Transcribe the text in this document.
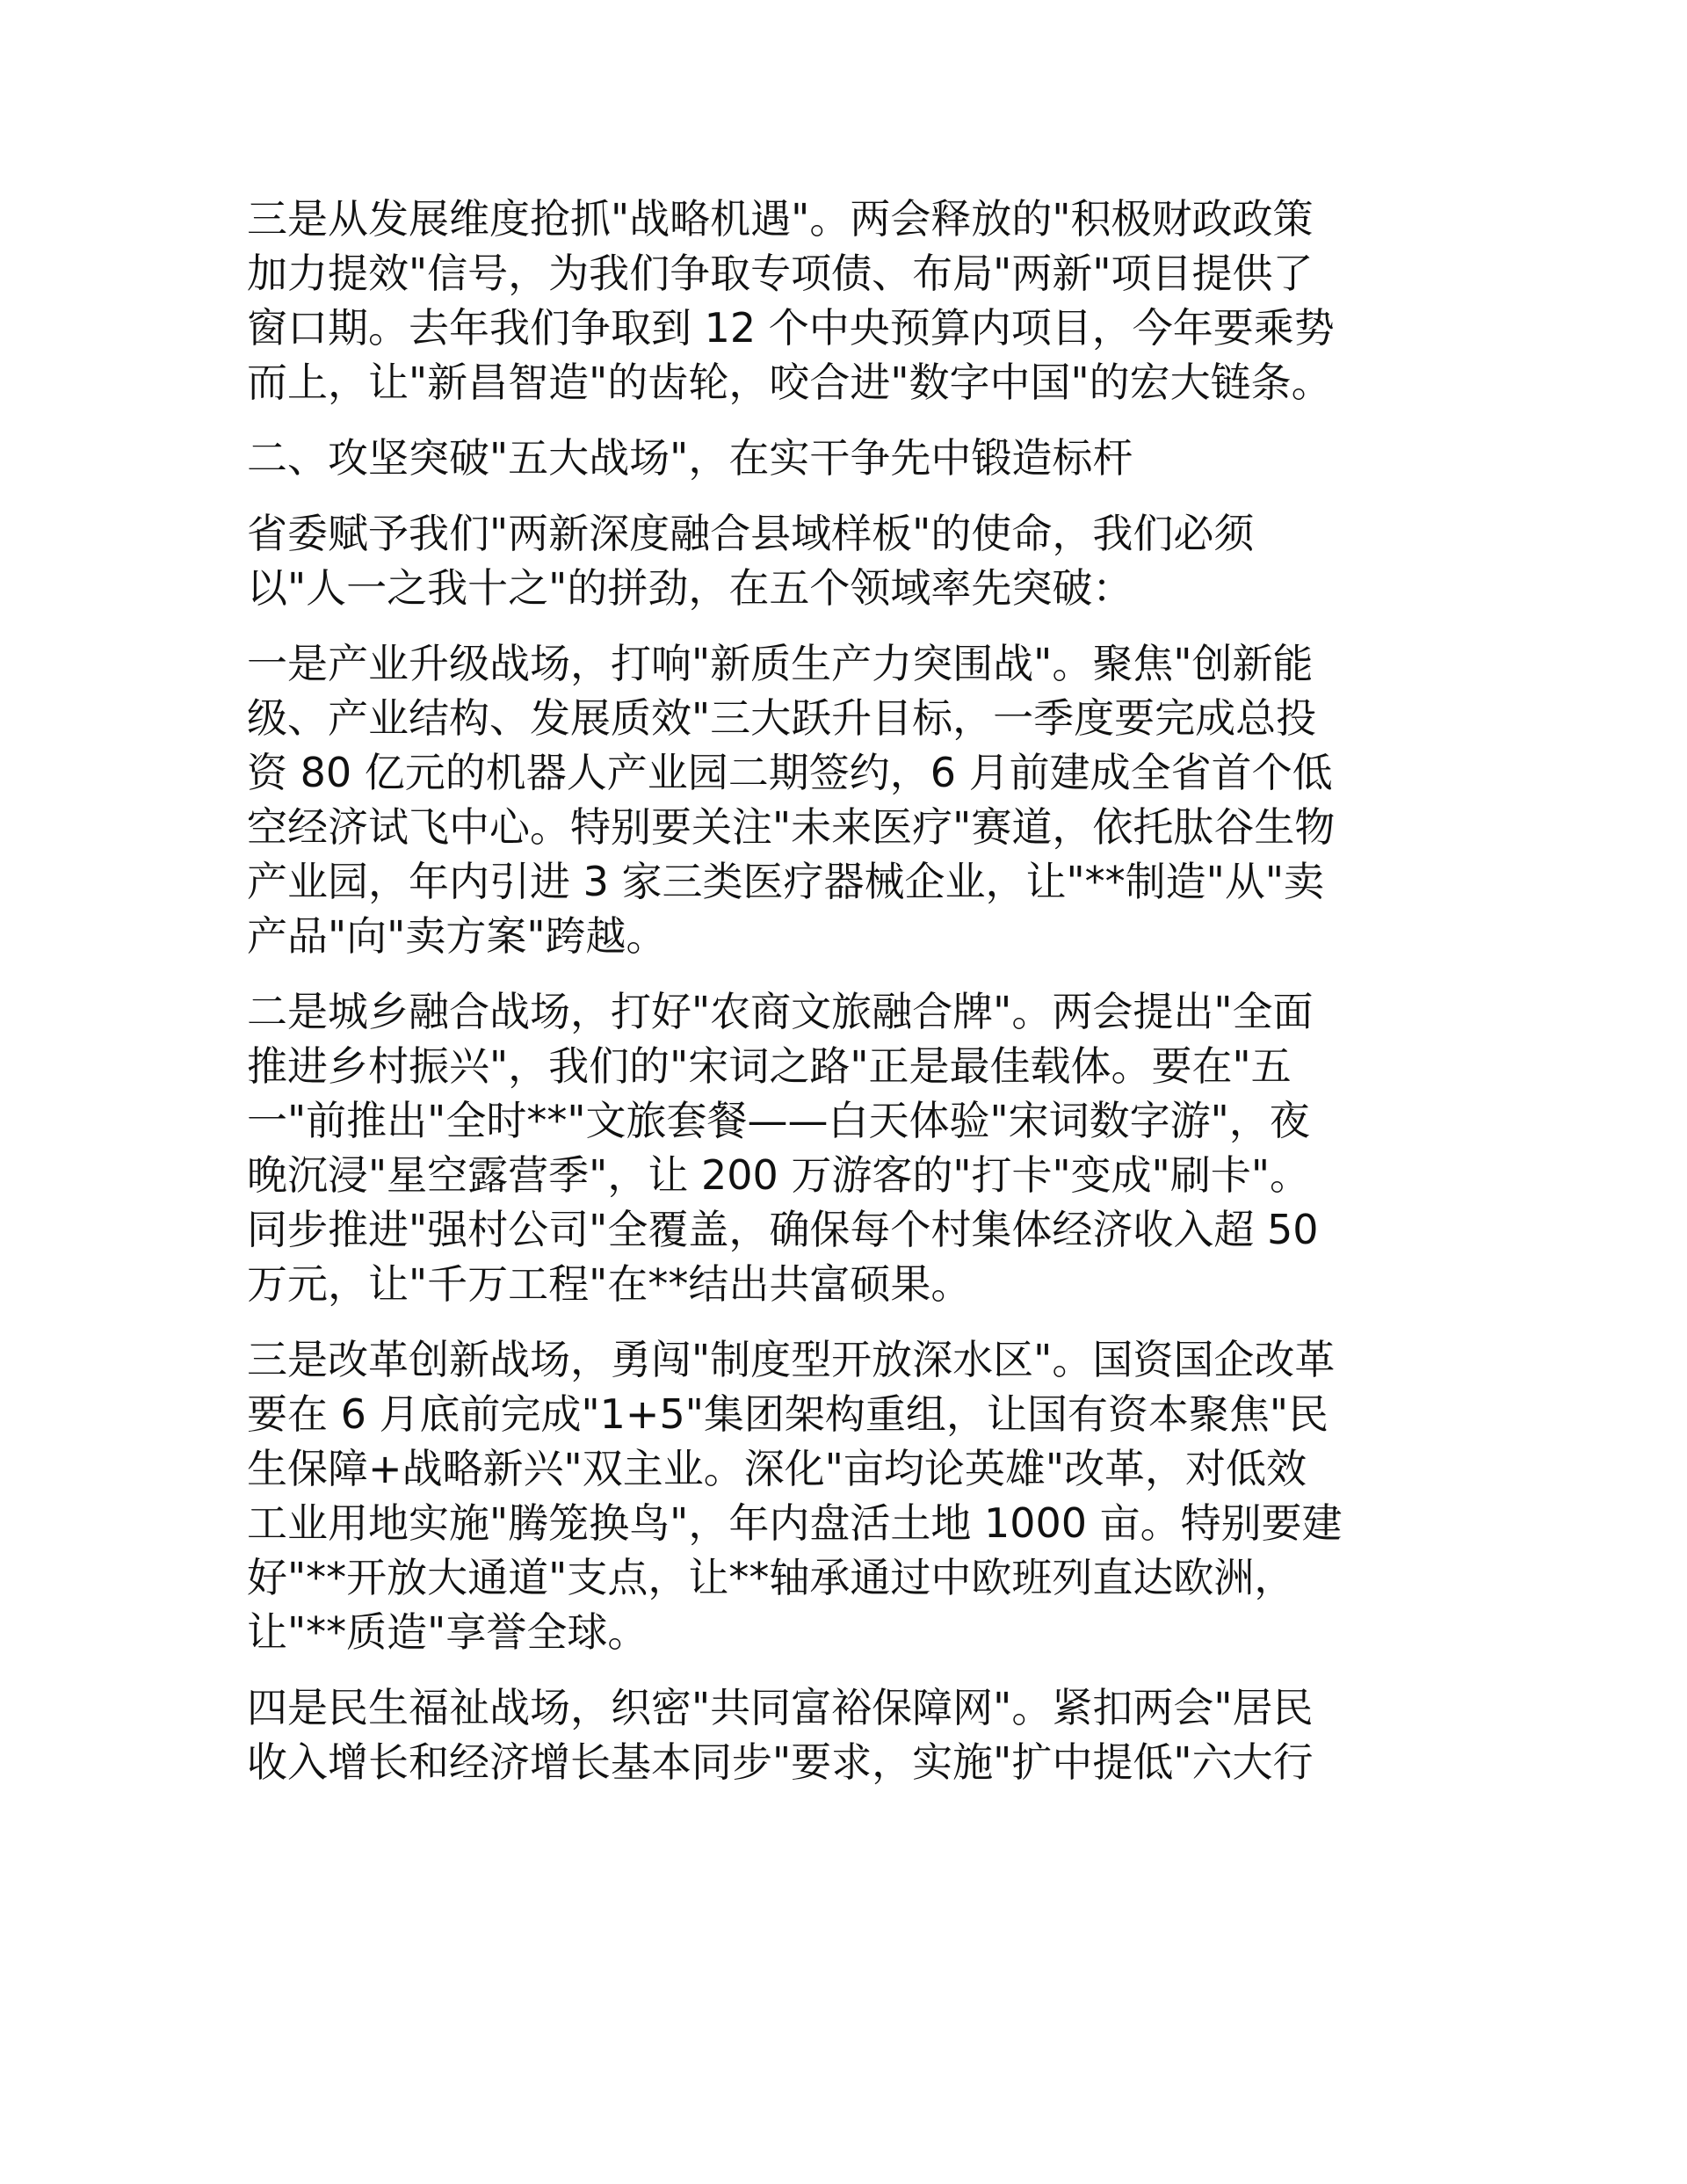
三是从发展维度抢抓"战略机遇"。两会释放的"积极财政政策
加力提效"信号，为我们争取专项债、布局"两新"项目提供了
窗口期。去年我们争取到 12 个中央预算内项目，今年要乘势
而上，让"新昌智造"的齿轮，咬合进"数字中国"的宏大链条。

二、攻坚突破"五大战场"，在实干争先中锻造标杆

省委赋予我们"两新深度融合县域样板"的使命，我们必须
以"人一之我十之"的拼劲，在五个领域率先突破：

一是产业升级战场，打响"新质生产力突围战"。聚焦"创新能
级、产业结构、发展质效"三大跃升目标，一季度要完成总投
资 80 亿元的机器人产业园二期签约，6 月前建成全省首个低
空经济试飞中心。特别要关注"未来医疗"赛道，依托肽谷生物
产业园，年内引进 3 家三类医疗器械企业，让"**制造"从"卖
产品"向"卖方案"跨越。

二是城乡融合战场，打好"农商文旅融合牌"。两会提出"全面
推进乡村振兴"，我们的"宋词之路"正是最佳载体。要在"五
一"前推出"全时**"文旅套餐——白天体验"宋词数字游"，夜
晚沉浸"星空露营季"，让 200 万游客的"打卡"变成"刷卡"。
同步推进"强村公司"全覆盖，确保每个村集体经济收入超 50
万元，让"千万工程"在**结出共富硕果。

三是改革创新战场，勇闯"制度型开放深水区"。国资国企改革
要在 6 月底前完成"1+5"集团架构重组，让国有资本聚焦"民
生保障+战略新兴"双主业。深化"亩均论英雄"改革，对低效
工业用地实施"腾笼换鸟"，年内盘活土地 1000 亩。特别要建
好"**开放大通道"支点，让**轴承通过中欧班列直达欧洲，
让"**质造"享誉全球。

四是民生福祉战场，织密"共同富裕保障网"。紧扣两会"居民
收入增长和经济增长基本同步"要求，实施"扩中提低"六大行
